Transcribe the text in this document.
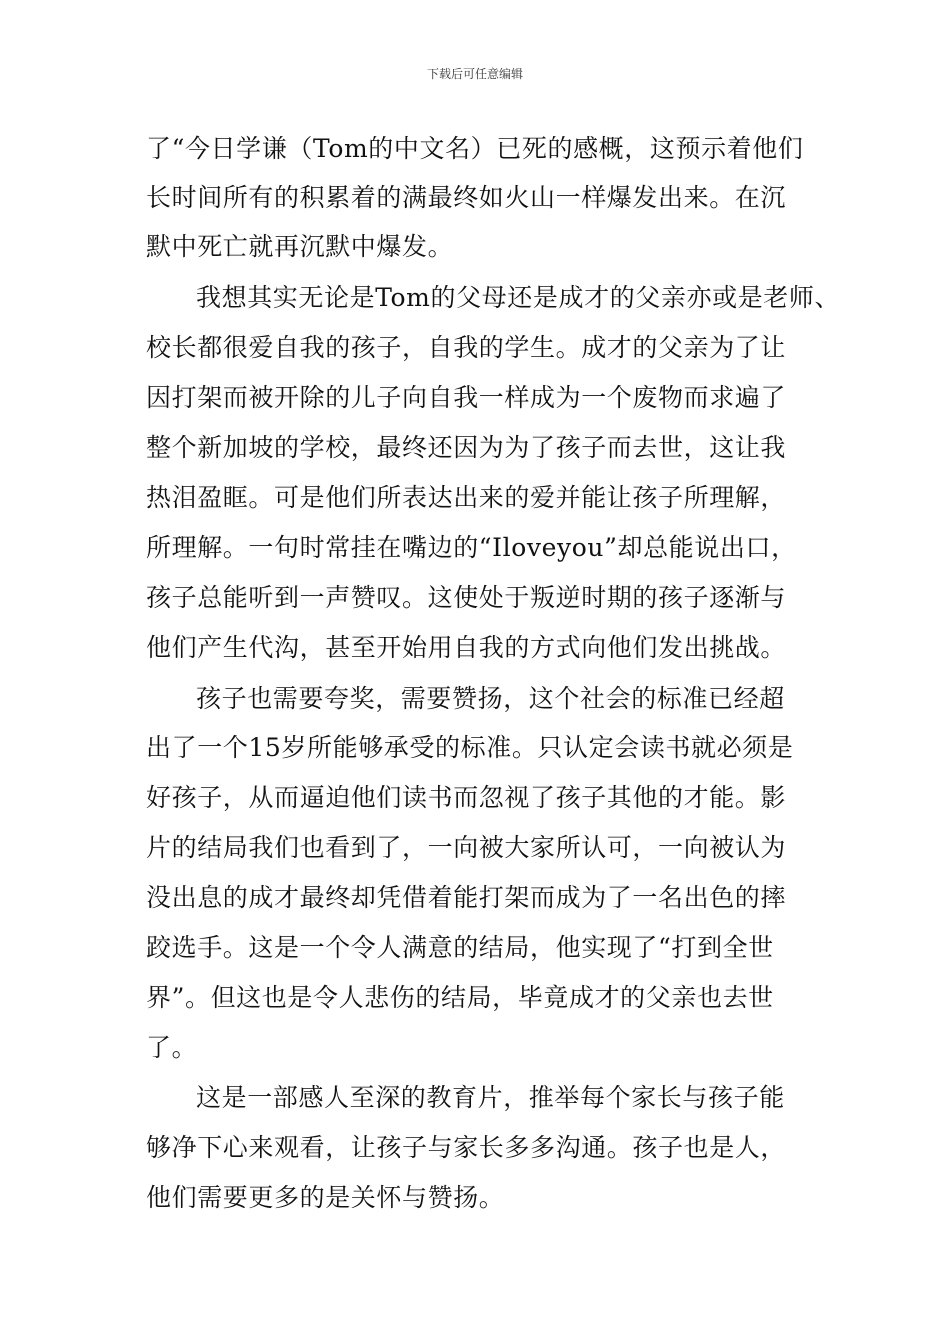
下载后可任意编辑
了“今日学谦（Tom的中文名）已死的感概，这预示着他们
长时间所有的积累着的满最终如火山一样爆发出来。在沉
默中死亡就再沉默中爆发。
我想其实无论是Tom的父母还是成才的父亲亦或是老师、
校长都很爱自我的孩子，自我的学生。成才的父亲为了让
因打架而被开除的儿子向自我一样成为一个废物而求遍了
整个新加坡的学校，最终还因为为了孩子而去世，这让我
热泪盈眶。可是他们所表达出来的爱并能让孩子所理解，
所理解。一句时常挂在嘴边的“Iloveyou”却总能说出口，
孩子总能听到一声赞叹。这使处于叛逆时期的孩子逐渐与
他们产生代沟，甚至开始用自我的方式向他们发出挑战。
孩子也需要夸奖，需要赞扬，这个社会的标准已经超
出了一个15岁所能够承受的标准。只认定会读书就必须是
好孩子，从而逼迫他们读书而忽视了孩子其他的才能。影
片的结局我们也看到了，一向被大家所认可，一向被认为
没出息的成才最终却凭借着能打架而成为了一名出色的摔
跤选手。这是一个令人满意的结局，他实现了“打到全世
界”。但这也是令人悲伤的结局，毕竟成才的父亲也去世
了。
这是一部感人至深的教育片，推举每个家长与孩子能
够净下心来观看，让孩子与家长多多沟通。孩子也是人，
他们需要更多的是关怀与赞扬。
